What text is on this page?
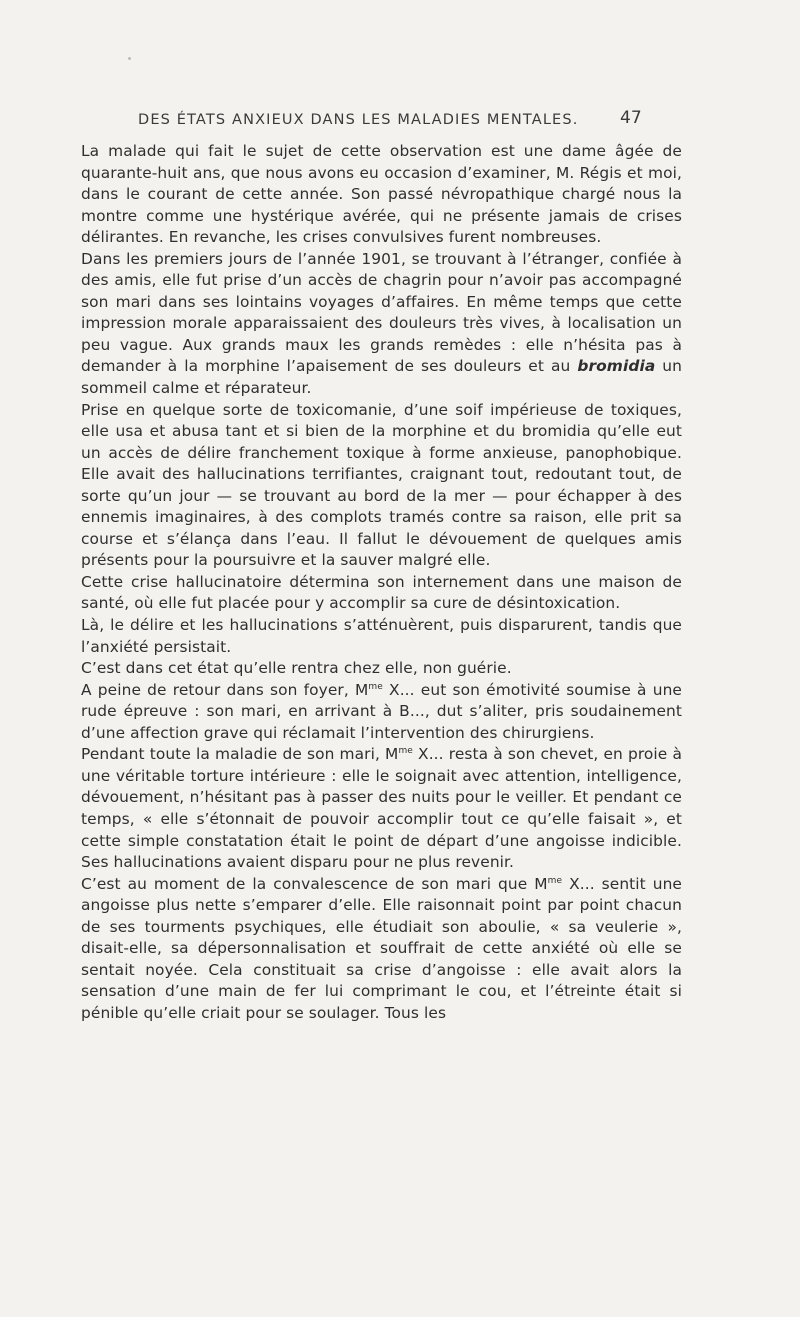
DES ÉTATS ANXIEUX DANS LES MALADIES MENTALES.	47

La malade qui fait le sujet de cette observation est une dame âgée de quarante-huit ans, que nous avons eu occasion d’examiner, M. Régis et moi, dans le courant de cette année. Son passé névropathique chargé nous la montre comme une hystérique avérée, qui ne présente jamais de crises délirantes. En revanche, les crises convulsives furent nombreuses.

Dans les premiers jours de l’année 1901, se trouvant à l’étranger, confiée à des amis, elle fut prise d’un accès de chagrin pour n’avoir pas accompagné son mari dans ses lointains voyages d’affaires. En même temps que cette impression morale apparaissaient des douleurs très vives, à localisation un peu vague. Aux grands maux les grands remèdes : elle n’hésita pas à demander à la morphine l’apaisement de ses douleurs et au bromidia un sommeil calme et réparateur.

Prise en quelque sorte de toxicomanie, d’une soif impérieuse de toxiques, elle usa et abusa tant et si bien de la morphine et du bromidia qu’elle eut un accès de délire franchement toxique à forme anxieuse, panophobique. Elle avait des hallucinations terrifiantes, craignant tout, redoutant tout, de sorte qu’un jour — se trouvant au bord de la mer — pour échapper à des ennemis imaginaires, à des complots tramés contre sa raison, elle prit sa course et s’élança dans l’eau. Il fallut le dévouement de quelques amis présents pour la poursuivre et la sauver malgré elle.

Cette crise hallucinatoire détermina son internement dans une maison de santé, où elle fut placée pour y accomplir sa cure de désintoxication.

Là, le délire et les hallucinations s’atténuèrent, puis disparurent, tandis que l’anxiété persistait.

C’est dans cet état qu’elle rentra chez elle, non guérie.

A peine de retour dans son foyer, $M^{me}$ X... eut son émotivité soumise à une rude épreuve : son mari, en arrivant à B..., dut s’aliter, pris soudainement d’une affection grave qui réclamait l’intervention des chirurgiens.

Pendant toute la maladie de son mari, $M^{me}$ X... resta à son chevet, en proie à une véritable torture intérieure : elle le soignait avec attention, intelligence, dévouement, n’hésitant pas à passer des nuits pour le veiller. Et pendant ce temps, « elle s’étonnait de pouvoir accomplir tout ce qu’elle faisait », et cette simple constatation était le point de départ d’une angoisse indicible. Ses hallucinations avaient disparu pour ne plus revenir.

C’est au moment de la convalescence de son mari que $M^{me}$ X... sentit une angoisse plus nette s’emparer d’elle. Elle raisonnait point par point chacun de ses tourments psychiques, elle étudiait son aboulie, « sa veulerie », disait-elle, sa dépersonnalisation et souffrait de cette anxiété où elle se sentait noyée. Cela constituait sa crise d’angoisse : elle avait alors la sensation d’une main de fer lui comprimant le cou, et l’étreinte était si pénible qu’elle criait pour se soulager. Tous les
